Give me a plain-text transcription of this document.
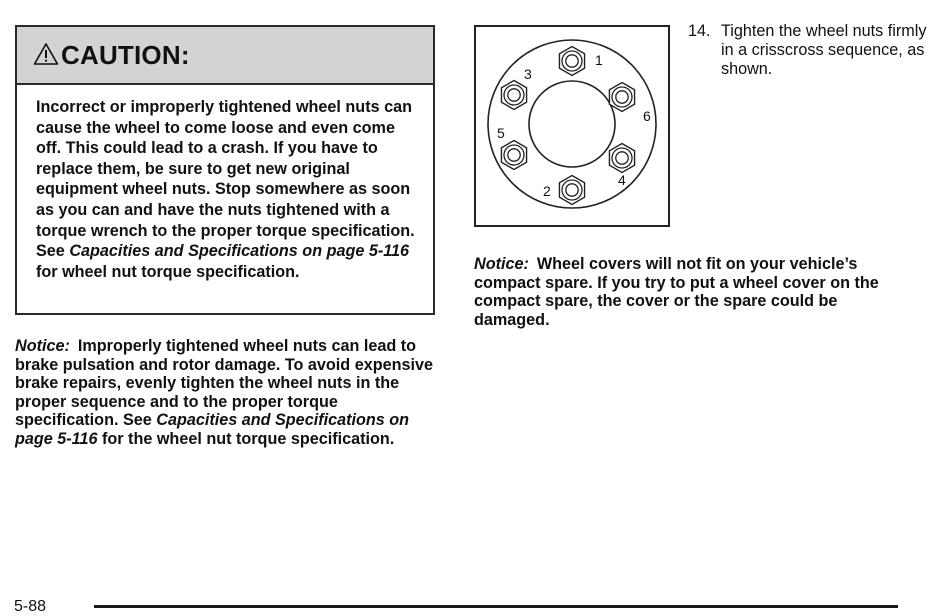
CAUTION:

Incorrect or improperly tightened wheel nuts can cause the wheel to come loose and even come off. This could lead to a crash. If you have to replace them, be sure to get new original equipment wheel nuts. Stop somewhere as soon as you can and have the nuts tightened with a torque wrench to the proper torque specification. See Capacities and Specifications on page 5-116 for wheel nut torque specification.

Notice: Improperly tightened wheel nuts can lead to brake pulsation and rotor damage. To avoid expensive brake repairs, evenly tighten the wheel nuts in the proper sequence and to the proper torque specification. See Capacities and Specifications on page 5-116 for the wheel nut torque specification.

1
2
3
4
5
6

14. Tighten the wheel nuts firmly in a crisscross sequence, as shown.

Notice: Wheel covers will not fit on your vehicle’s compact spare. If you try to put a wheel cover on the compact spare, the cover or the spare could be damaged.

5-88
